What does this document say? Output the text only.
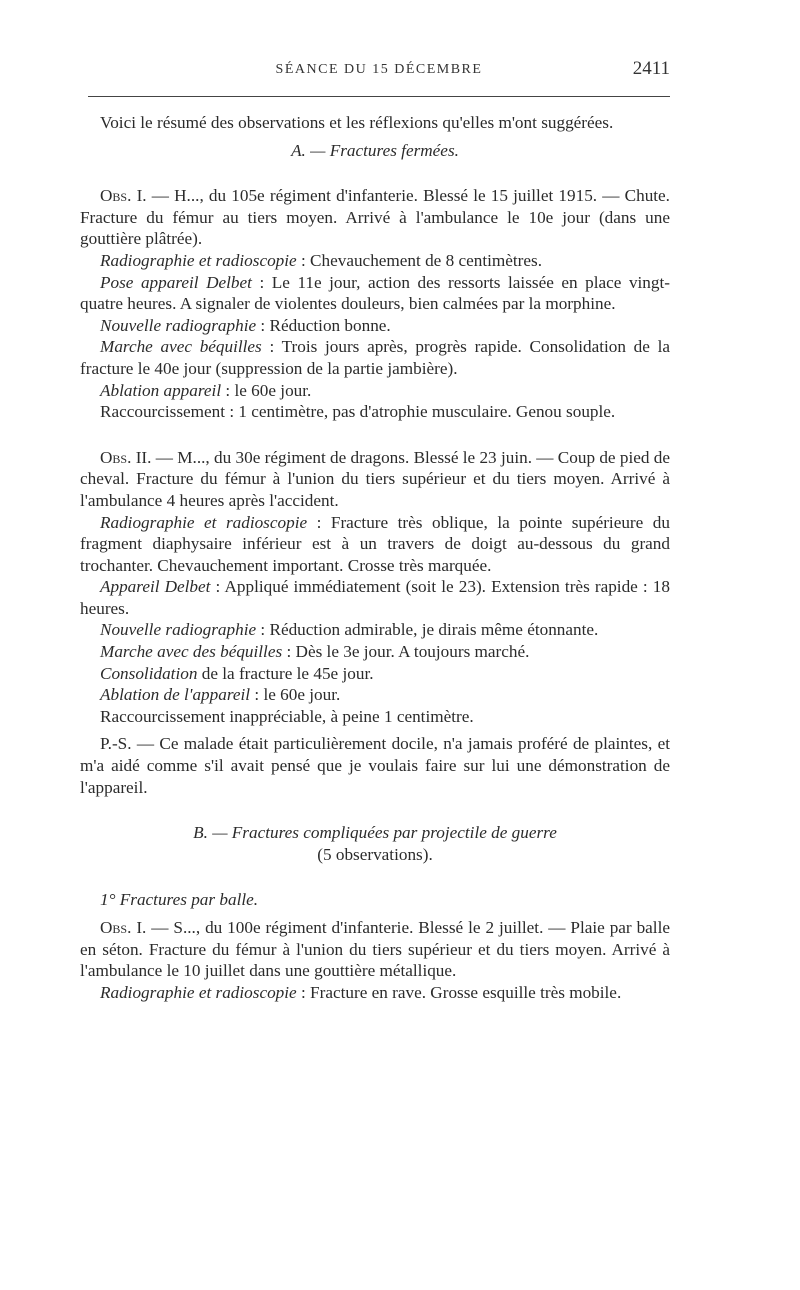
SÉANCE DU 15 DÉCEMBRE	2411

Voici le résumé des observations et les réflexions qu'elles m'ont suggérées.

A. — Fractures fermées.

Obs. I. — H..., du 105e régiment d'infanterie. Blessé le 15 juillet 1915. — Chute. Fracture du fémur au tiers moyen. Arrivé à l'ambulance le 10e jour (dans une gouttière plâtrée).

Radiographie et radioscopie : Chevauchement de 8 centimètres.

Pose appareil Delbet : Le 11e jour, action des ressorts laissée en place vingt-quatre heures. A signaler de violentes douleurs, bien calmées par la morphine.

Nouvelle radiographie : Réduction bonne.

Marche avec béquilles : Trois jours après, progrès rapide. Consolidation de la fracture le 40e jour (suppression de la partie jambière).

Ablation appareil : le 60e jour.

Raccourcissement : 1 centimètre, pas d'atrophie musculaire. Genou souple.

Obs. II. — M..., du 30e régiment de dragons. Blessé le 23 juin. — Coup de pied de cheval. Fracture du fémur à l'union du tiers supérieur et du tiers moyen. Arrivé à l'ambulance 4 heures après l'accident.

Radiographie et radioscopie : Fracture très oblique, la pointe supérieure du fragment diaphysaire inférieur est à un travers de doigt au-dessous du grand trochanter. Chevauchement important. Crosse très marquée.

Appareil Delbet : Appliqué immédiatement (soit le 23). Extension très rapide : 18 heures.

Nouvelle radiographie : Réduction admirable, je dirais même étonnante.

Marche avec des béquilles : Dès le 3e jour. A toujours marché.

Consolidation de la fracture le 45e jour.

Ablation de l'appareil : le 60e jour.

Raccourcissement inappréciable, à peine 1 centimètre.

P.-S. — Ce malade était particulièrement docile, n'a jamais proféré de plaintes, et m'a aidé comme s'il avait pensé que je voulais faire sur lui une démonstration de l'appareil.

B. — Fractures compliquées par projectile de guerre

(5 observations).

1° Fractures par balle.

Obs. I. — S..., du 100e régiment d'infanterie. Blessé le 2 juillet. — Plaie par balle en séton. Fracture du fémur à l'union du tiers supérieur et du tiers moyen. Arrivé à l'ambulance le 10 juillet dans une gouttière métallique.

Radiographie et radioscopie : Fracture en rave. Grosse esquille très mobile.
